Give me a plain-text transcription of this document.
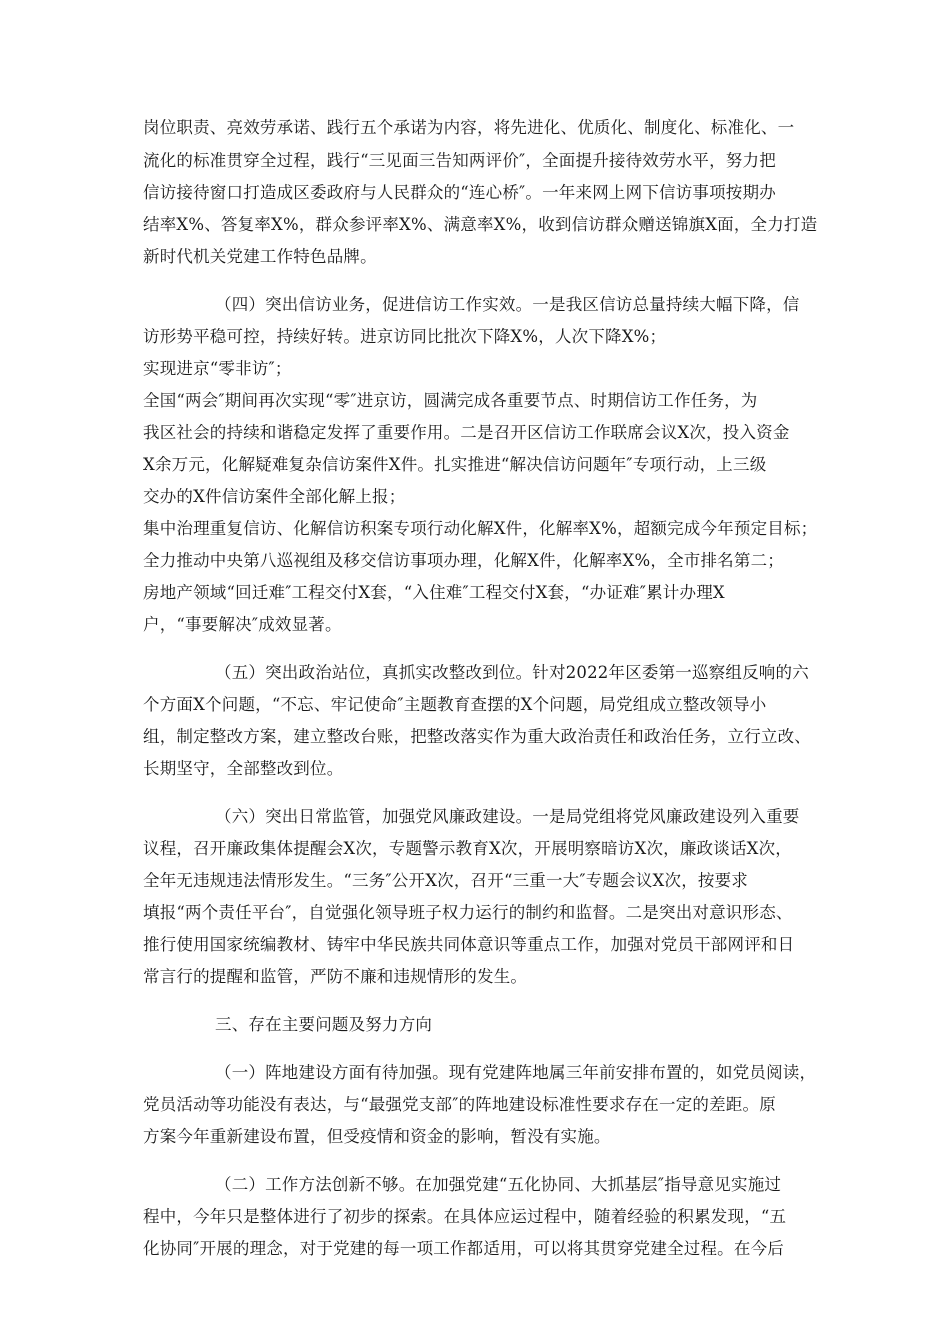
岗位职责、亮效劳承诺、践行五个承诺为内容，将先进化、优质化、制度化、标准化、一
流化的标准贯穿全过程，践行“三见面三告知两评价″，全面提升接待效劳水平，努力把
信访接待窗口打造成区委政府与人民群众的“连心桥″。一年来网上网下信访事项按期办
结率X%、答复率X%，群众参评率X%、满意率X%，收到信访群众赠送锦旗X面，全力打造
新时代机关党建工作特色品牌。
（四）突出信访业务，促进信访工作实效。一是我区信访总量持续大幅下降，信
访形势平稳可控，持续好转。进京访同比批次下降X%，人次下降X%；
实现进京“零非访″；
全国“两会″期间再次实现“零″进京访，圆满完成各重要节点、时期信访工作任务，为
我区社会的持续和谐稳定发挥了重要作用。二是召开区信访工作联席会议X次，投入资金
X余万元，化解疑难复杂信访案件X件。扎实推进“解决信访问题年″专项行动，上三级
交办的X件信访案件全部化解上报；
集中治理重复信访、化解信访积案专项行动化解X件，化解率X%，超额完成今年预定目标；
全力推动中央第八巡视组及移交信访事项办理，化解X件，化解率X%，全市排名第二；
房地产领域“回迁难″工程交付X套，“入住难″工程交付X套，“办证难″累计办理X
户，“事要解决″成效显著。
（五）突出政治站位，真抓实改整改到位。针对2022年区委第一巡察组反响的六
个方面X个问题，“不忘、牢记使命″主题教育查摆的X个问题，局党组成立整改领导小
组，制定整改方案，建立整改台账，把整改落实作为重大政治责任和政治任务，立行立改、
长期坚守，全部整改到位。
（六）突出日常监管，加强党风廉政建设。一是局党组将党风廉政建设列入重要
议程，召开廉政集体提醒会X次，专题警示教育X次，开展明察暗访X次，廉政谈话X次，
全年无违规违法情形发生。“三务″公开X次，召开“三重一大″专题会议X次，按要求
填报“两个责任平台″，自觉强化领导班子权力运行的制约和监督。二是突出对意识形态、
推行使用国家统编教材、铸牢中华民族共同体意识等重点工作，加强对党员干部网评和日
常言行的提醒和监管，严防不廉和违规情形的发生。
三、存在主要问题及努力方向
（一）阵地建设方面有待加强。现有党建阵地属三年前安排布置的，如党员阅读，
党员活动等功能没有表达，与“最强党支部″的阵地建设标准性要求存在一定的差距。原
方案今年重新建设布置，但受疫情和资金的影响，暂没有实施。
（二）工作方法创新不够。在加强党建“五化协同、大抓基层″指导意见实施过
程中，今年只是整体进行了初步的探索。在具体应运过程中，随着经验的积累发现，“五
化协同″开展的理念，对于党建的每一项工作都适用，可以将其贯穿党建全过程。在今后
